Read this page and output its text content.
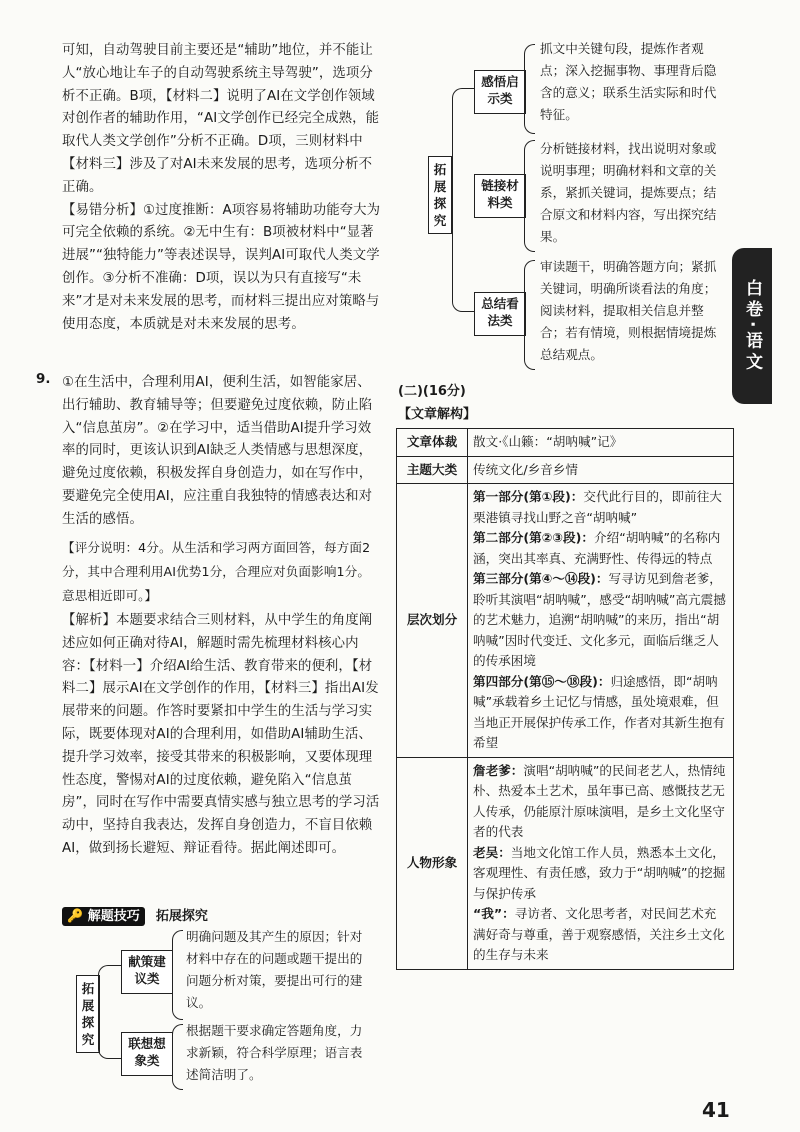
可知，自动驾驶目前主要还是“辅助”地位，并不能让人“放心地让车子的自动驾驶系统主导驾驶”，选项分析不正确。B项，【材料二】说明了AI在文学创作领域对创作者的辅助作用，“AI文学创作已经完全成熟，能取代人类文学创作”分析不正确。D项，三则材料中【材料三】涉及了对AI未来发展的思考，选项分析不正确。

【易错分析】①过度推断：A项容易将辅助功能夸大为可完全依赖的系统。②无中生有：B项被材料中“显著进展”“独特能力”等表述误导，误判AI可取代人类文学创作。③分析不准确：D项，误以为只有直接写“未来”才是对未来发展的思考，而材料三提出应对策略与使用态度，本质就是对未来发展的思考。

9. ①在生活中，合理利用AI，便利生活，如智能家居、出行辅助、教育辅导等；但要避免过度依赖，防止陷入“信息茧房”。②在学习中，适当借助AI提升学习效率的同时，更该认识到AI缺乏人类情感与思想深度，避免过度依赖，积极发挥自身创造力，如在写作中，要避免完全使用AI，应注重自我独特的情感表达和对生活的感悟。
【评分说明：4分。从生活和学习两方面回答，每方面2分，其中合理利用AI优势1分，合理应对负面影响1分。意思相近即可。】
【解析】本题要求结合三则材料，从中学生的角度阐述应如何正确对待AI，解题时需先梳理材料核心内容：【材料一】介绍AI给生活、教育带来的便利，【材料二】展示AI在文学创作的作用，【材料三】指出AI发展带来的问题。作答时要紧扣中学生的生活与学习实际，既要体现对AI的合理利用，如借助AI辅助生活、提升学习效率，接受其带来的积极影响，又要体现理性态度，警惕对AI的过度依赖，避免陷入“信息茧房”，同时在写作中需要真情实感与独立思考的学习活动中，坚持自我表达，发挥自身创造力，不盲目依赖AI，做到扬长避短、辩证看待。据此阐述即可。
🔑 解题技巧 拓展探究
拓展探究
献策建议类
联想想象类
明确问题及其产生的原因；针对材料中存在的问题或题干提出的问题分析对策，要提出可行的建议。
根据题干要求确定答题角度，力求新颖，符合科学原理；语言表述简洁明了。
拓展探究
感悟启示类
链接材料类
总结看法类
抓文中关键句段，提炼作者观点；深入挖掘事物、事理背后隐含的意义；联系生活实际和时代特征。
分析链接材料，找出说明对象或说明事理；明确材料和文章的关系，紧抓关键词，提炼要点；结合原文和材料内容，写出探究结果。
审读题干，明确答题方向；紧抓关键词，明确所谈看法的角度；阅读材料，提取相关信息并整合；若有情境，则根据情境提炼总结观点。
(二)(16分)
【文章解构】
文章体裁	散文·《山籁：“胡呐喊”记》
主题大类	传统文化/乡音乡情
层次划分	第一部分(第①段)：交代此行目的，即前往大栗港镇寻找山野之音“胡呐喊”
第二部分(第②③段)：介绍“胡呐喊”的名称内涵，突出其率真、充满野性、传得远的特点
第三部分(第④～⑭段)：写寻访见到詹老爹，聆听其演唱“胡呐喊”，感受“胡呐喊”高亢震撼的艺术魅力，追溯“胡呐喊”的来历，指出“胡呐喊”因时代变迁、文化多元，面临后继乏人的传承困境
第四部分(第⑮～⑱段)：归途感悟，即“胡呐喊”承载着乡土记忆与情感，虽处境艰难，但当地正开展保护传承工作，作者对其新生抱有希望

人物形象	詹老爹：演唱“胡呐喊”的民间老艺人，热情纯朴、热爱本土艺术，虽年事已高、感慨技艺无人传承，仍能原汁原味演唱，是乡土文化坚守者的代表
老吴：当地文化馆工作人员，熟悉本土文化，客观理性、有责任感，致力于“胡呐喊”的挖掘与保护传承
“我”：寻访者、文化思考者，对民间艺术充满好奇与尊重，善于观察感悟，关注乡土文化的生存与未来
白卷·语文
41
